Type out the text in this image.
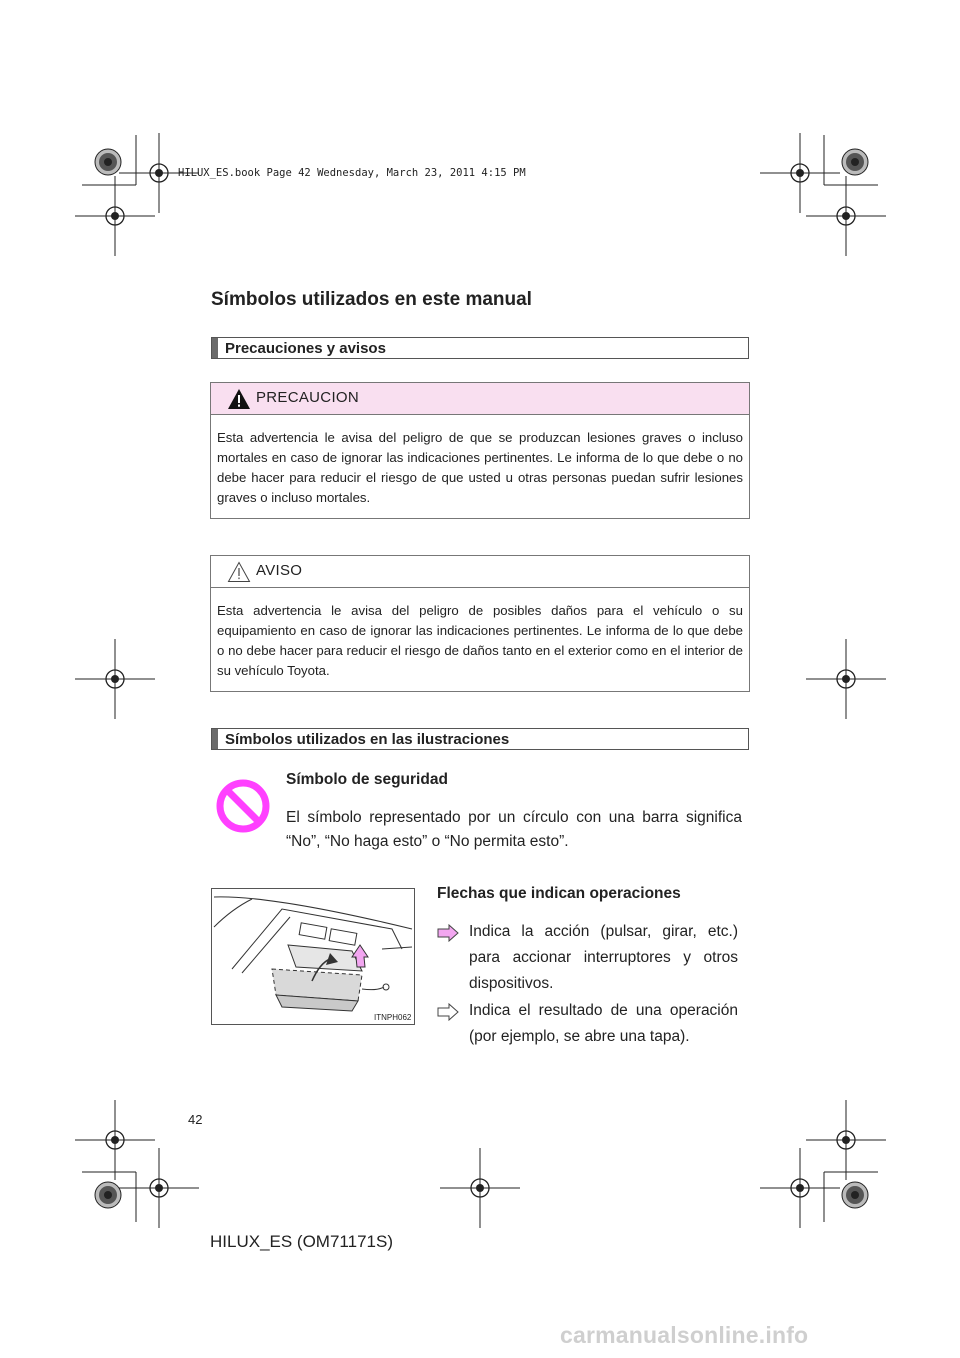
HILUX_ES.book Page 42 Wednesday, March 23, 2011 4:15 PM
Símbolos utilizados en este manual
Precauciones y avisos
PRECAUCION
Esta advertencia le avisa del peligro de que se produzcan lesiones graves o incluso mortales en caso de ignorar las indicaciones pertinentes. Le informa de lo que debe o no debe hacer para reducir el riesgo de que usted u otras personas puedan sufrir lesiones graves o incluso mortales.
AVISO
Esta advertencia le avisa del peligro de posibles daños para el vehículo o su equipamiento en caso de ignorar las indicaciones pertinentes. Le informa de lo que debe o no debe hacer para reducir el riesgo de daños tanto en el exterior como en el interior de su vehículo Toyota.
Símbolos utilizados en las ilustraciones
Símbolo de seguridad
El símbolo representado por un círculo con una barra significa “No”, “No haga esto” o “No permita esto”.
Flechas que indican operaciones
ITNPH062
Indica la acción (pulsar, girar, etc.) para accionar interruptores y otros dispositivos.
Indica el resultado de una operación (por ejemplo, se abre una tapa).
42
HILUX_ES (OM71171S)
carmanualsonline.info
